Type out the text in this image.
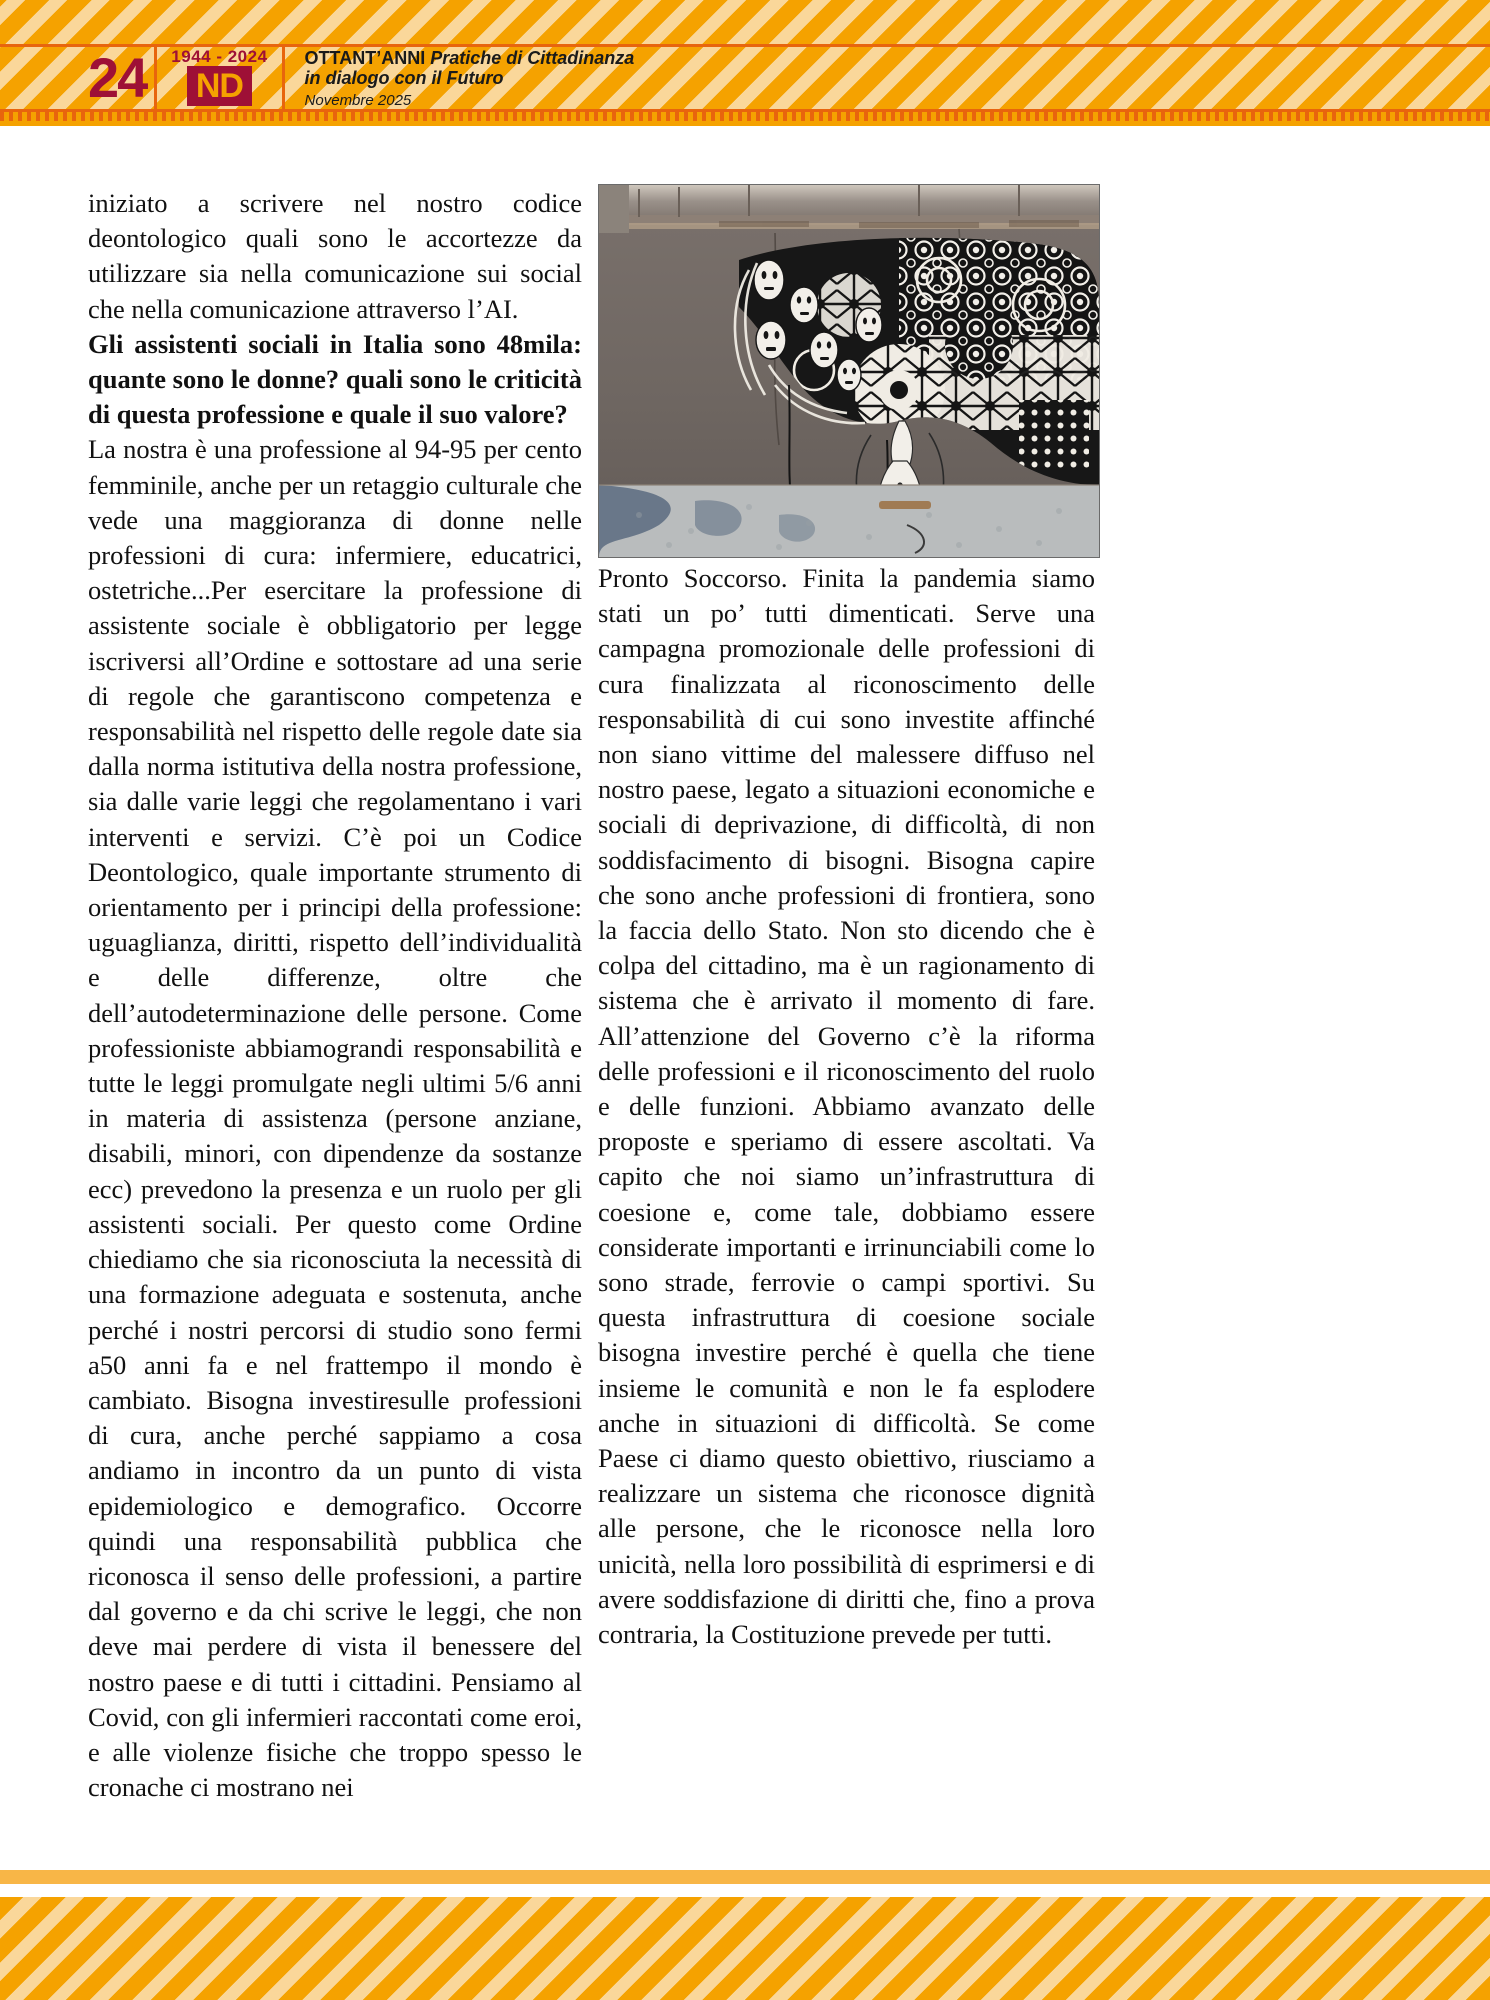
24 1944 - 2024
ND
OTTANT’ANNI Pratiche di Cittadinanza
in dialogo con il Futuro
Novembre 2025

iniziato a scrivere nel nostro codice deontologico quali sono le accortezze da utilizzare sia nella comunicazione sui social che nella comunicazione attraverso l’AI.

Gli assistenti sociali in Italia sono 48mila: quante sono le donne? quali sono le criticità di questa professione e quale il suo valore?

La nostra è una professione al 94-95 per cento femminile, anche per un retaggio culturale che vede una maggioranza di donne nelle professioni di cura: infermiere, educatrici, ostetriche...Per esercitare la professione di assistente sociale è obbligatorio per legge iscriversi all’Ordine e sottostare ad una serie di regole che garantiscono competenza e responsabilità nel rispetto delle regole date sia dalla norma istitutiva della nostra professione, sia dalle varie leggi che regolamentano i vari interventi e servizi. C’è poi un Codice Deontologico, quale importante strumento di orientamento per i principi della professione: uguaglianza, diritti, rispetto dell’individualità e delle differenze, oltre che dell’autodeterminazione delle persone. Come professioniste abbiamograndi responsabilità e tutte le leggi promulgate negli ultimi 5/6 anni in materia di assistenza (persone anziane, disabili, minori, con dipendenze da sostanze ecc) prevedono la presenza e un ruolo per gli assistenti sociali. Per questo come Ordine chiediamo che sia riconosciuta la necessità di una formazione adeguata e sostenuta, anche perché i nostri percorsi di studio sono fermi a50 anni fa e nel frattempo il mondo è cambiato. Bisogna investiresulle professioni di cura, anche perché sappiamo a cosa andiamo in incontro da un punto di vista epidemiologico e demografico. Occorre quindi una responsabilità pubblica che riconosca il senso delle professioni, a partire dal governo e da chi scrive le leggi, che non deve mai perdere di vista il benessere del nostro paese e di tutti i cittadini. Pensiamo al Covid, con gli infermieri raccontati come eroi, e alle violenze fisiche che troppo spesso le cronache ci mostrano nei

Pronto Soccorso. Finita la pandemia siamo stati un po’ tutti dimenticati. Serve una campagna promozionale delle professioni di cura finalizzata al riconoscimento delle responsabilità di cui sono investite affinché non siano vittime del malessere diffuso nel nostro paese, legato a situazioni economiche e sociali di deprivazione, di difficoltà, di non soddisfacimento di bisogni. Bisogna capire che sono anche professioni di frontiera, sono la faccia dello Stato. Non sto dicendo che è colpa del cittadino, ma è un ragionamento di sistema che è arrivato il momento di fare. All’attenzione del Governo c’è la riforma delle professioni e il riconoscimento del ruolo e delle funzioni. Abbiamo avanzato delle proposte e speriamo di essere ascoltati. Va capito che noi siamo un’infrastruttura di coesione e, come tale, dobbiamo essere considerate importanti e irrinunciabili come lo sono strade, ferrovie o campi sportivi. Su questa infrastruttura di coesione sociale bisogna investire perché è quella che tiene insieme le comunità e non le fa esplodere anche in situazioni di difficoltà. Se come Paese ci diamo questo obiettivo, riusciamo a realizzare un sistema che riconosce dignità alle persone, che le riconosce nella loro unicità, nella loro possibilità di esprimersi e di avere soddisfazione di diritti che, fino a prova contraria, la Costituzione prevede per tutti.
